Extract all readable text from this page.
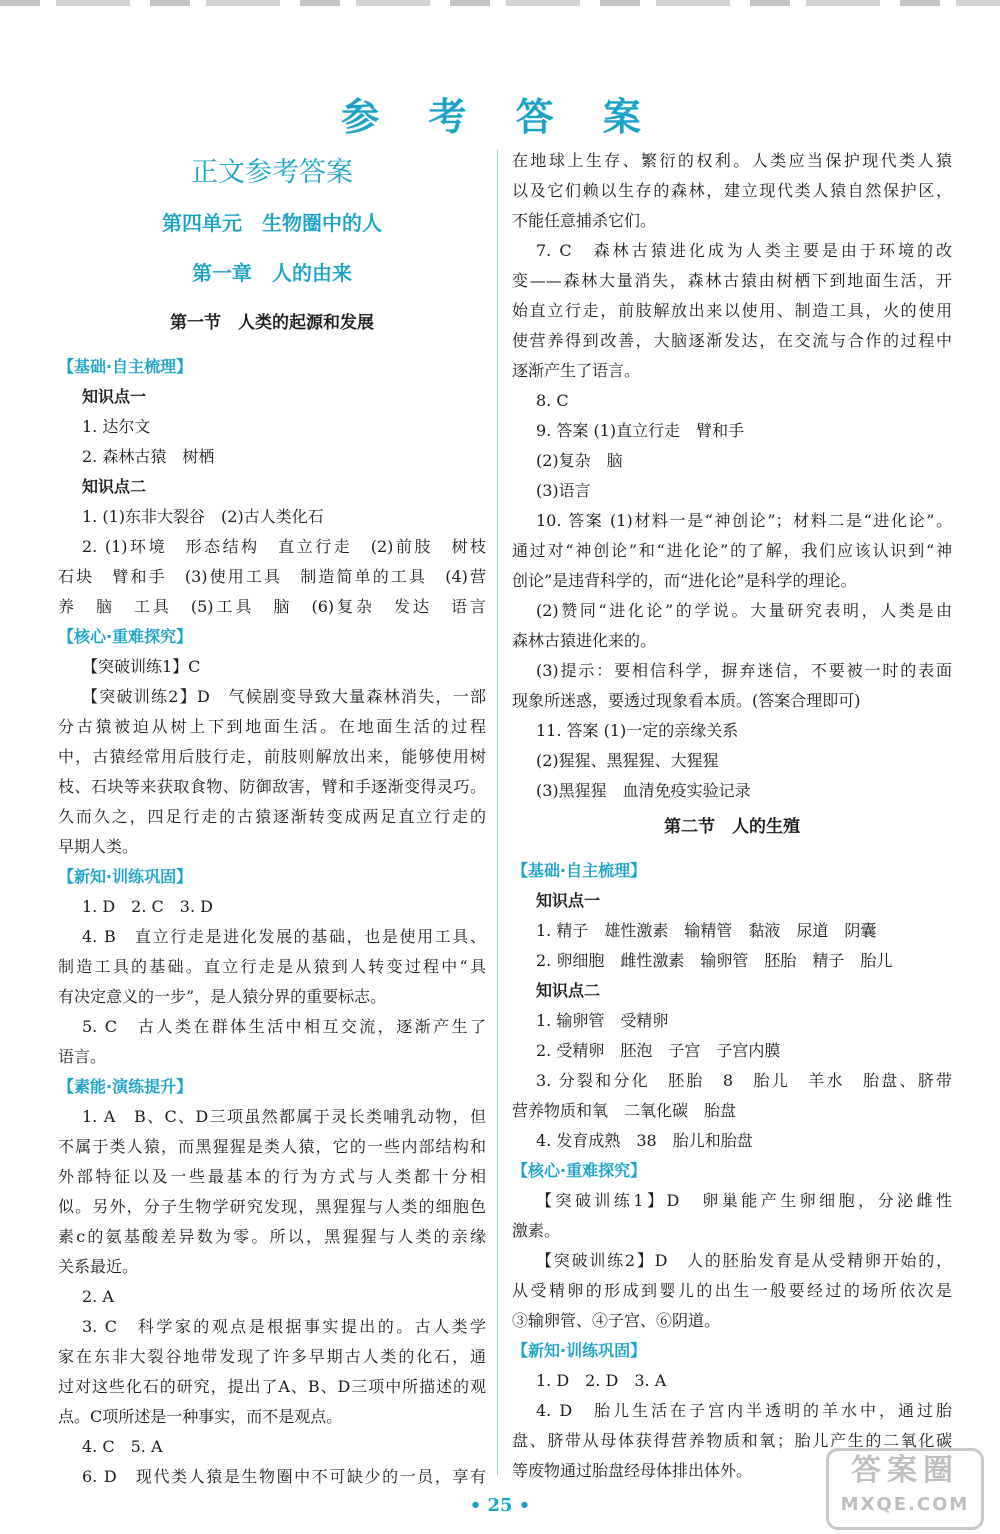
参 考 答 案
正文参考答案
第四单元　生物圈中的人
第一章　人的由来
第一节　人类的起源和发展
【基础·自主梳理】
知识点一
1. 达尔文
2. 森林古猿　树栖
知识点二
1. (1)东非大裂谷　(2)古人类化石
2. (1)环境　形态结构　直立行走　(2)前肢　树枝
石块　臂和手　(3)使用工具　制造简单的工具　(4)营
养　脑　工具　(5)工具　脑　(6)复杂　发达　语言
【核心·重难探究】
【突破训练1】C
【突破训练2】D　气候剧变导致大量森林消失，一部
分古猿被迫从树上下到地面生活。在地面生活的过程
中，古猿经常用后肢行走，前肢则解放出来，能够使用树
枝、石块等来获取食物、防御敌害，臂和手逐渐变得灵巧。
久而久之，四足行走的古猿逐渐转变成两足直立行走的
早期人类。
【新知·训练巩固】
1. D　2. C　3. D
4. B　直立行走是进化发展的基础，也是使用工具、
制造工具的基础。直立行走是从猿到人转变过程中“具
有决定意义的一步”，是人猿分界的重要标志。
5. C　古人类在群体生活中相互交流，逐渐产生了
语言。
【素能·演练提升】
1. A　B、C、D三项虽然都属于灵长类哺乳动物，但
不属于类人猿，而黑猩猩是类人猿，它的一些内部结构和
外部特征以及一些最基本的行为方式与人类都十分相
似。另外，分子生物学研究发现，黑猩猩与人类的细胞色
素c的氨基酸差异数为零。所以，黑猩猩与人类的亲缘
关系最近。
2. A
3. C　科学家的观点是根据事实提出的。古人类学
家在东非大裂谷地带发现了许多早期古人类的化石，通
过对这些化石的研究，提出了A、B、D三项中所描述的观
点。C项所述是一种事实，而不是观点。
4. C　5. A
6. D　现代类人猿是生物圈中不可缺少的一员，享有
在地球上生存、繁衍的权利。人类应当保护现代类人猿
以及它们赖以生存的森林，建立现代类人猿自然保护区，
不能任意捕杀它们。
7. C　森林古猿进化成为人类主要是由于环境的改
变——森林大量消失，森林古猿由树栖下到地面生活，开
始直立行走，前肢解放出来以使用、制造工具，火的使用
使营养得到改善，大脑逐渐发达，在交流与合作的过程中
逐渐产生了语言。
8. C
9. 答案 (1)直立行走　臂和手
(2)复杂　脑
(3)语言
10. 答案 (1)材料一是“神创论”；材料二是“进化论”。
通过对“神创论”和“进化论”的了解，我们应该认识到“神
创论”是违背科学的，而“进化论”是科学的理论。
(2)赞同“进化论”的学说。大量研究表明，人类是由
森林古猿进化来的。
(3)提示：要相信科学，摒弃迷信，不要被一时的表面
现象所迷惑，要透过现象看本质。(答案合理即可)
11. 答案 (1)一定的亲缘关系
(2)猩猩、黑猩猩、大猩猩
(3)黑猩猩　血清免疫实验记录
第二节　人的生殖
【基础·自主梳理】
知识点一
1. 精子　雄性激素　输精管　黏液　尿道　阴囊
2. 卵细胞　雌性激素　输卵管　胚胎　精子　胎儿
知识点二
1. 输卵管　受精卵
2. 受精卵　胚泡　子宫　子宫内膜
3. 分裂和分化　胚胎　8　胎儿　羊水　胎盘、脐带
营养物质和氧　二氧化碳　胎盘
4. 发育成熟　38　胎儿和胎盘
【核心·重难探究】
【突破训练1】D　卵巢能产生卵细胞，分泌雌性
激素。
【突破训练2】D　人的胚胎发育是从受精卵开始的，
从受精卵的形成到婴儿的出生一般要经过的场所依次是
③输卵管、④子宫、⑥阴道。
【新知·训练巩固】
1. D　2. D　3. A
4. D　胎儿生活在子宫内半透明的羊水中，通过胎
盘、脐带从母体获得营养物质和氧；胎儿产生的二氧化碳
等废物通过胎盘经母体排出体外。
• 25 •
答案圈
MXQE.COM
